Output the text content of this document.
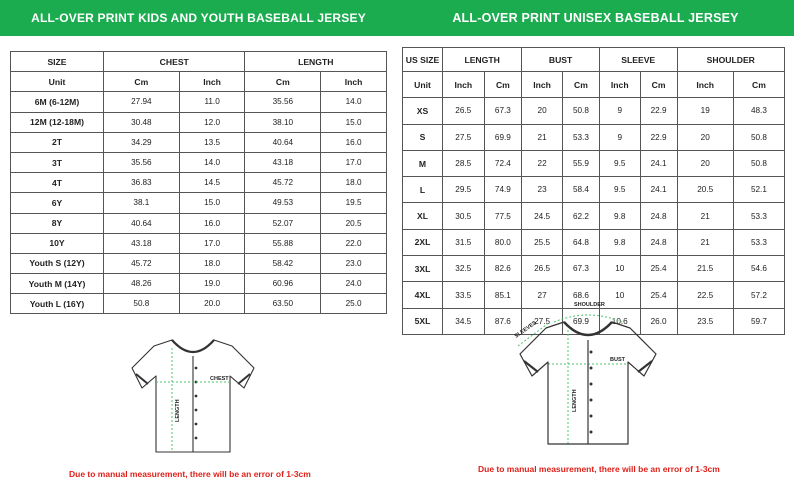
ALL-OVER PRINT KIDS AND YOUTH BASEBALL JERSEY
SIZE	CHEST		LENGTH	
Unit	Cm	Inch	Cm	Inch
6M (6-12M)	27.94	11.0	35.56	14.0
12M (12-18M)	30.48	12.0	38.10	15.0
2T	34.29	13.5	40.64	16.0
3T	35.56	14.0	43.18	17.0
4T	36.83	14.5	45.72	18.0
6Y	38.1	15.0	49.53	19.5
8Y	40.64	16.0	52.07	20.5
10Y	43.18	17.0	55.88	22.0
Youth S (12Y)	45.72	18.0	58.42	23.0
Youth M (14Y)	48.26	19.0	60.96	24.0
Youth L (16Y)	50.8	20.0	63.50	25.0
CHEST
LENGTH
Due to manual measurement, there will be an error of 1-3cm
ALL-OVER PRINT UNISEX BASEBALL JERSEY
US SIZE	LENGTH		BUST		SLEEVE		SHOULDER	
Unit	Inch	Cm	Inch	Cm	Inch	Cm	Inch	Cm
XS	26.5	67.3	20	50.8	9	22.9	19	48.3
S	27.5	69.9	21	53.3	9	22.9	20	50.8
M	28.5	72.4	22	55.9	9.5	24.1	20	50.8
L	29.5	74.9	23	58.4	9.5	24.1	20.5	52.1
XL	30.5	77.5	24.5	62.2	9.8	24.8	21	53.3
2XL	31.5	80.0	25.5	64.8	9.8	24.8	21	53.3
3XL	32.5	82.6	26.5	67.3	10	25.4	21.5	54.6
4XL	33.5	85.1	27	68.6	10	25.4	22.5	57.2
5XL	34.5	87.6	27.5	69.9	10.6	26.0	23.5	59.7
SHOULDER
SLEEVES
BUST
LENGTH
Due to manual measurement, there will be an error of 1-3cm
